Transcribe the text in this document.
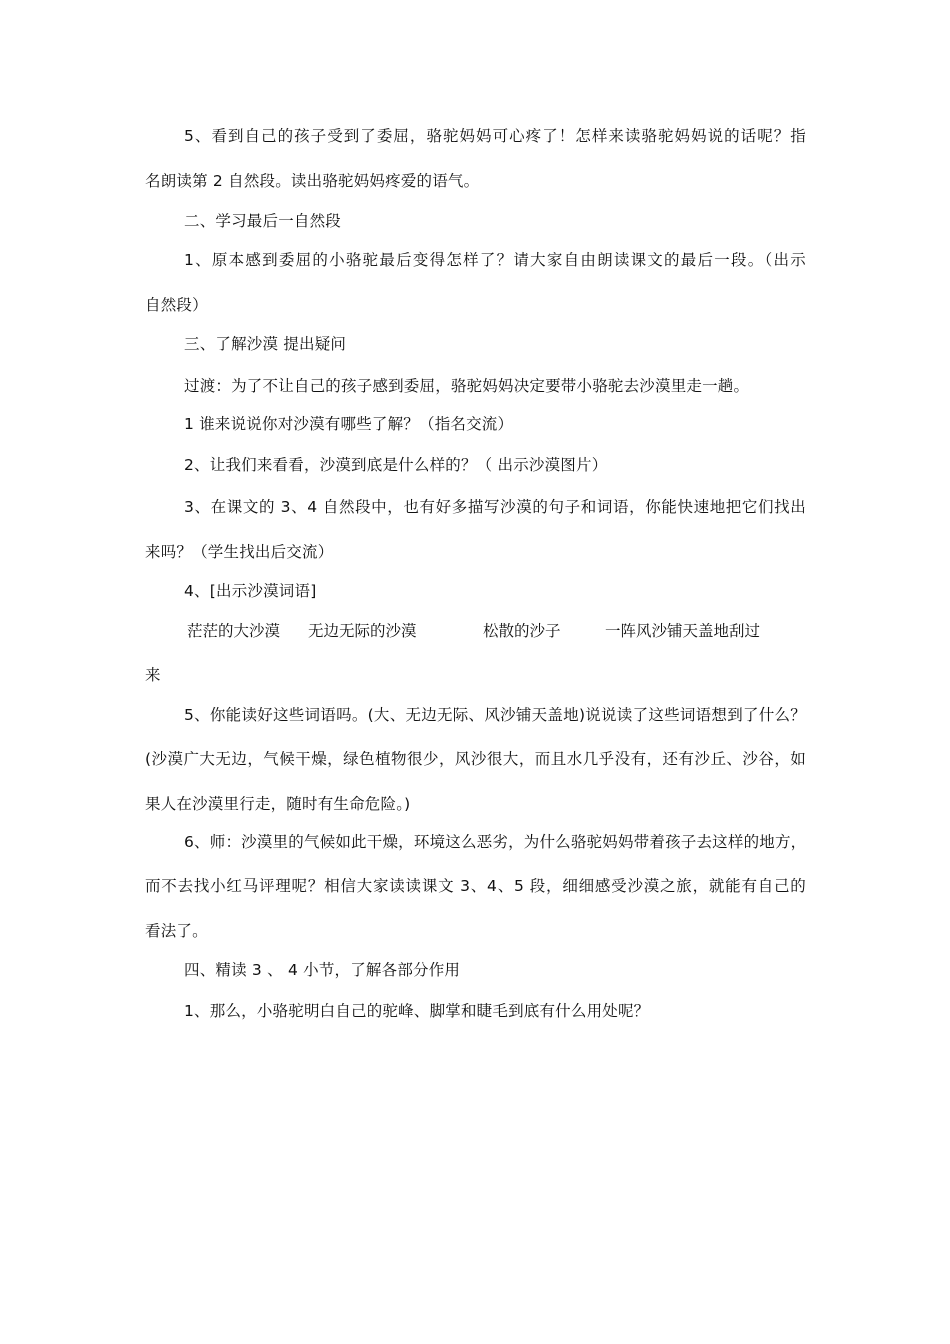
5、看到自己的孩子受到了委屈，骆驼妈妈可心疼了！怎样来读骆驼妈妈说的话呢？指
名朗读第 2 自然段。读出骆驼妈妈疼爱的语气。
二、学习最后一自然段
1、原本感到委屈的小骆驼最后变得怎样了？请大家自由朗读课文的最后一段。（出示
自然段）
三、了解沙漠 提出疑问
过渡：为了不让自己的孩子感到委屈，骆驼妈妈决定要带小骆驼去沙漠里走一趟。
1 谁来说说你对沙漠有哪些了解？（指名交流）
2、让我们来看看，沙漠到底是什么样的？（ 出示沙漠图片）
3、在课文的 3、4 自然段中，也有好多描写沙漠的句子和词语，你能快速地把它们找出
来吗？（学生找出后交流）
4、[出示沙漠词语]
茫茫的大沙漠 无边无际的沙漠	松散的沙子	一阵风沙铺天盖地刮过
来
5、你能读好这些词语吗。(大、无边无际、风沙铺天盖地)说说读了这些词语想到了什么？
(沙漠广大无边，气候干燥，绿色植物很少，风沙很大，而且水几乎没有，还有沙丘、沙谷，如
果人在沙漠里行走，随时有生命危险。)
6、师：沙漠里的气候如此干燥，环境这么恶劣，为什么骆驼妈妈带着孩子去这样的地方，
而不去找小红马评理呢？相信大家读读课文 3、4、5 段，细细感受沙漠之旅，就能有自己的
看法了。
四、精读 3 、 4 小节，了解各部分作用
1、那么，小骆驼明白自己的驼峰、脚掌和睫毛到底有什么用处呢？
